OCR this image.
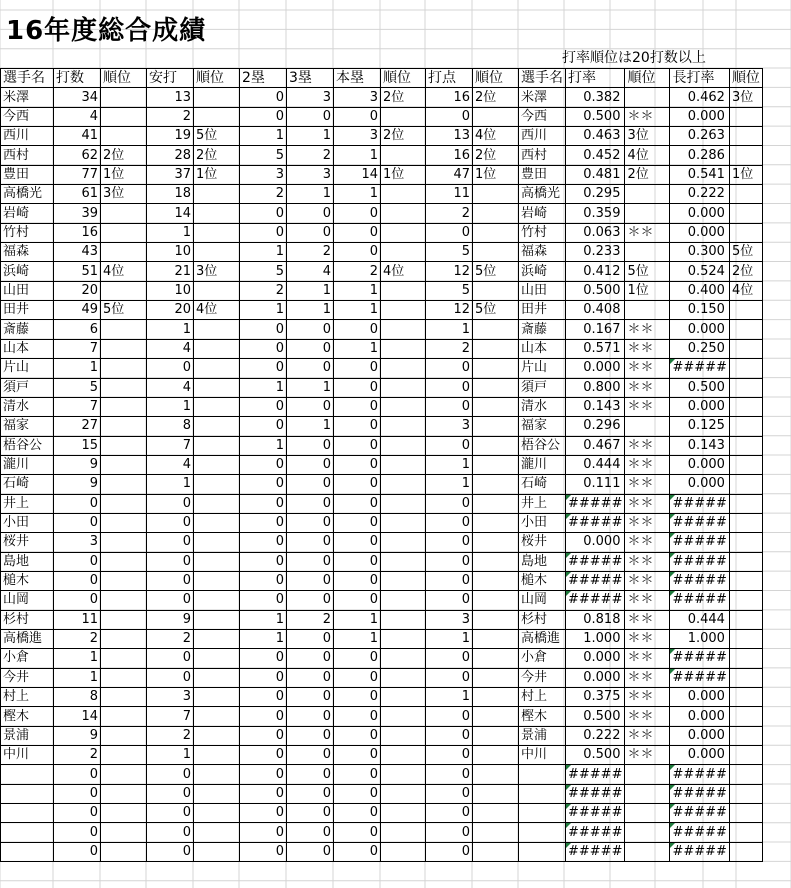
16年度総合成績
打率順位は20打数以上
選手名	打数	順位	安打	順位	2塁	3塁	本塁	順位	打点	順位	選手名	打率	順位	長打率	順位
米澤	34		13		0	3	3	2位	16	2位	米澤	0.382		0.462	3位
今西	4		2		0	0	0		0		今西	0.500	＊＊	0.000	
西川	41		19	5位	1	1	3	2位	13	4位	西川	0.463	3位	0.263	
西村	62	2位	28	2位	5	2	1		16	2位	西村	0.452	4位	0.286	
豊田	77	1位	37	1位	3	3	14	1位	47	1位	豊田	0.481	2位	0.541	1位
高橋光	61	3位	18		2	1	1		11		高橋光	0.295		0.222	
岩崎	39		14		0	0	0		2		岩崎	0.359		0.000	
竹村	16		1		0	0	0		0		竹村	0.063	＊＊	0.000	
福森	43		10		1	2	0		5		福森	0.233		0.300	5位
浜崎	51	4位	21	3位	5	4	2	4位	12	5位	浜崎	0.412	5位	0.524	2位
山田	20		10		2	1	1		5		山田	0.500	1位	0.400	4位
田井	49	5位	20	4位	1	1	1		12	5位	田井	0.408		0.150	
斎藤	6		1		0	0	0		1		斎藤	0.167	＊＊	0.000	
山本	7		4		0	0	1		2		山本	0.571	＊＊	0.250	
片山	1		0		0	0	0		0		片山	0.000	＊＊	#####	
須戸	5		4		1	1	0		0		須戸	0.800	＊＊	0.500	
清水	7		1		0	0	0		0		清水	0.143	＊＊	0.000	
福家	27		8		0	1	0		3		福家	0.296		0.125	
梧谷公	15		7		1	0	0		0		梧谷公	0.467	＊＊	0.143	
瀧川	9		4		0	0	0		1		瀧川	0.444	＊＊	0.000	
石崎	9		1		0	0	0		1		石崎	0.111	＊＊	0.000	
井上	0		0		0	0	0		0		井上	#####	＊＊	#####	
小田	0		0		0	0	0		0		小田	#####	＊＊	#####	
桜井	3		0		0	0	0		0		桜井	0.000	＊＊	#####	
島地	0		0		0	0	0		0		島地	#####	＊＊	#####	
槌木	0		0		0	0	0		0		槌木	#####	＊＊	#####	
山岡	0		0		0	0	0		0		山岡	#####	＊＊	#####	
杉村	11		9		1	2	1		3		杉村	0.818	＊＊	0.444	
高橋進	2		2		1	0	1		1		高橋進	1.000	＊＊	1.000	
小倉	1		0		0	0	0		0		小倉	0.000	＊＊	#####	
今井	1		0		0	0	0		0		今井	0.000	＊＊	#####	
村上	8		3		0	0	0		1		村上	0.375	＊＊	0.000	
樫木	14		7		0	0	0		0		樫木	0.500	＊＊	0.000	
景浦	9		2		0	0	0		0		景浦	0.222	＊＊	0.000	
中川	2		1		0	0	0		0		中川	0.500	＊＊	0.000	
	0		0		0	0	0		0			#####		#####	
	0		0		0	0	0		0			#####		#####	
	0		0		0	0	0		0			#####		#####	
	0		0		0	0	0		0			#####		#####	
	0		0		0	0	0		0			#####		#####	
